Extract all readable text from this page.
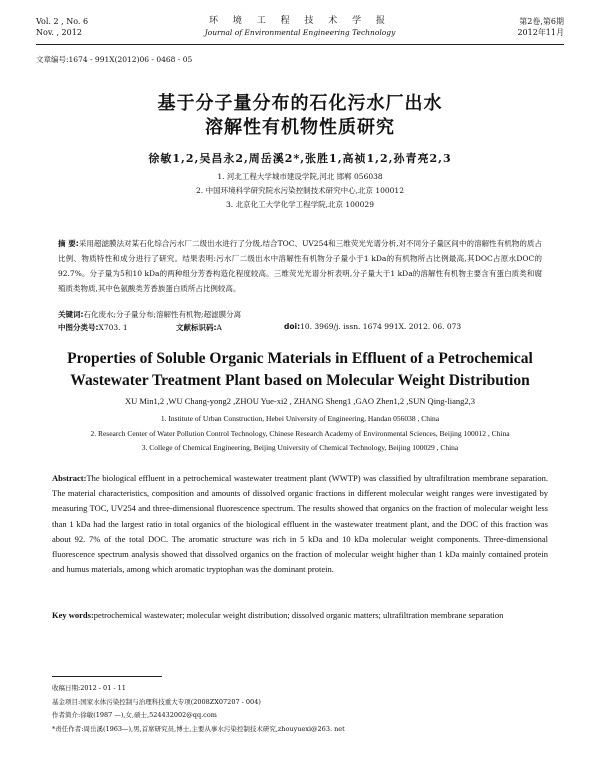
Vol. 2 , No. 6
Nov. , 2012
环 境 工 程 技 术 学 报
Journal of Environmental Engineering Technology
第2卷,第6期
2012年11月
文章编号:1674 - 991X(2012)06 - 0468 - 05
基于分子量分布的石化污水厂出水
溶解性有机物性质研究
徐敏1,2,吴昌永2,周岳溪2*,张胜1,高祯1,2,孙青亮2,3
1. 河北工程大学城市建设学院,河北 邯郸 056038
2. 中国环境科学研究院水污染控制技术研究中心,北京 100012
3. 北京化工大学化学工程学院,北京 100029
摘 要:采用超滤膜法对某石化综合污水厂二级出水进行了分级,结合TOC、UV254和三维荧光光谱分析,对不同分子量区间中的溶解性有机物的质占比例、物质特性和成分进行了研究。结果表明:污水厂二级出水中溶解性有机物分子量小于1 kDa的有机物所占比例最高,其DOC占原水DOC的92.7%。分子量为5和10 kDa的两种组分芳香构造化程度较高。三维荧光光谱分析表明,分子量大于1 kDa的溶解性有机物主要含有蛋白质类和腐殖质类物质,其中色氨酸类芳香族蛋白质所占比例较高。
关键词:石化废水;分子量分布;溶解性有机物;超滤膜分离
中图分类号:X703. 1	文献标识码:A	doi:10. 3969/j. issn. 1674 991X. 2012. 06. 073
Properties of Soluble Organic Materials in Effluent of a Petrochemical
Wastewater Treatment Plant based on Molecular Weight Distribution
XU Min1,2 ,WU Chang-yong2 ,ZHOU Yue-xi2 , ZHANG Sheng1 ,GAO Zhen1,2 ,SUN Qing-liang2,3
1. Institute of Urban Construction, Hebei University of Engineering, Handan 056038 , China
2. Research Center of Water Pollution Control Technology, Chinese Research Academy of Environmental Sciences, Beijing 100012 , China
3. College of Chemical Engineering, Beijing University of Chemical Technology, Beijing 100029 , China
Abstract:The biological effluent in a petrochemical wastewater treatment plant (WWTP) was classified by ultrafiltration membrane separation. The material characteristics, composition and amounts of dissolved organic fractions in different molecular weight ranges were investigated by measuring TOC, UV254 and three-dimensional fluorescence spectrum. The results showed that organics on the fraction of molecular weight less than 1 kDa had the largest ratio in total organics of the biological effluent in the wastewater treatment plant, and the DOC of this fraction was about 92. 7% of the total DOC. The aromatic structure was rich in 5 kDa and 10 kDa molecular weight components. Three-dimensional fluorescence spectrum analysis showed that dissolved organics on the fraction of molecular weight higher than 1 kDa mainly contained protein and humus materials, among which aromatic tryptophan was the dominant protein.
Key words:petrochemical wastewater; molecular weight distribution; dissolved organic matters; ultrafiltration membrane separation
收稿日期:2012 - 01 - 11
基金项目:国家水体污染控制与治理科技重大专项(2008ZX07207 - 004)
作者简介:徐敏(1987 —),女,硕士,524432002@qq.com
*责任作者:周岳溪(1963—),男,首席研究员,博士,主要从事水污染控制技术研究,zhouyuexi@263. net
